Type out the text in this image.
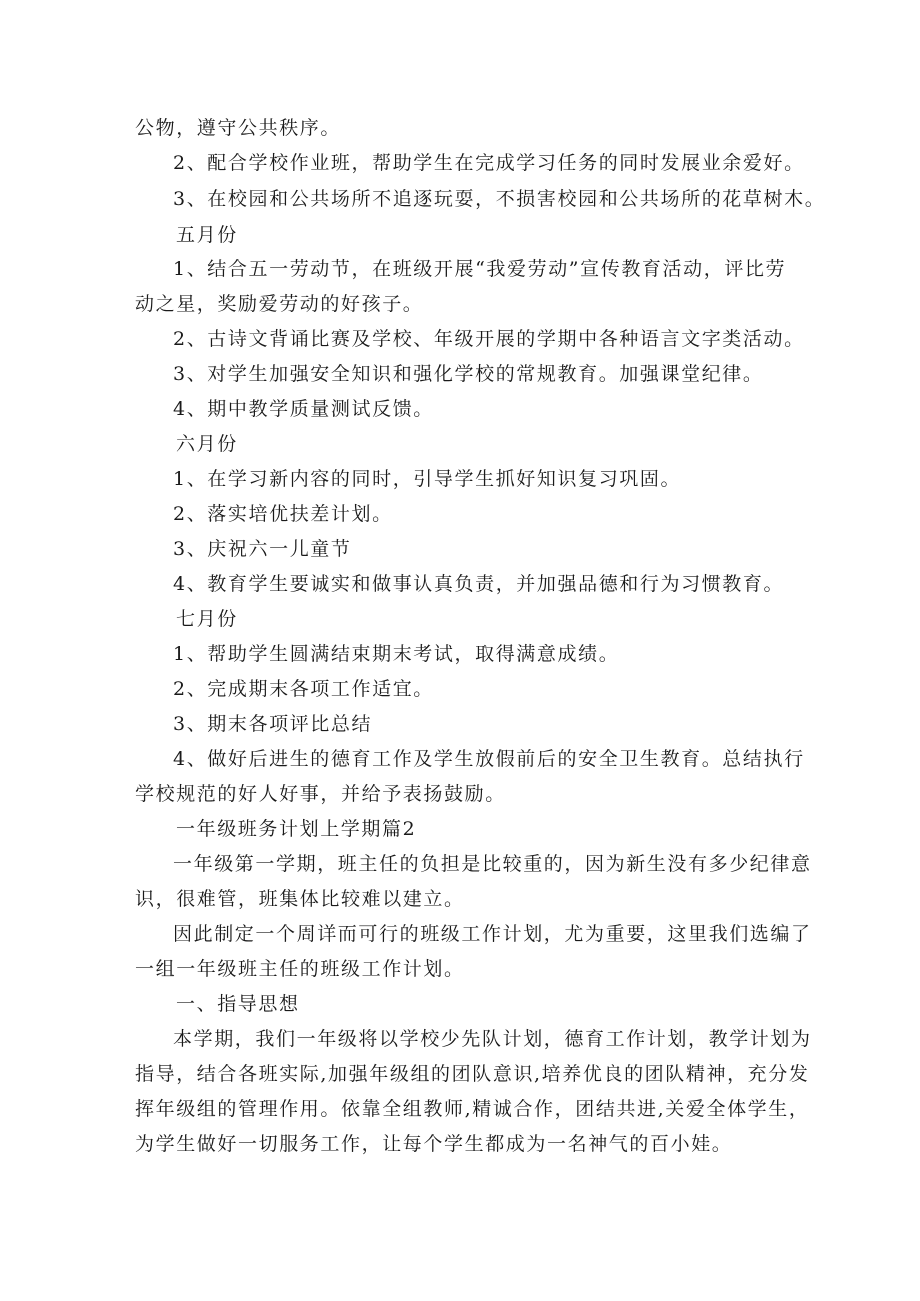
公物，遵守公共秩序。
2、配合学校作业班，帮助学生在完成学习任务的同时发展业余爱好。
3、在校园和公共场所不追逐玩耍，不损害校园和公共场所的花草树木。
五月份
1、结合五一劳动节，在班级开展“我爱劳动”宣传教育活动，评比劳
动之星，奖励爱劳动的好孩子。
2、古诗文背诵比赛及学校、年级开展的学期中各种语言文字类活动。
3、对学生加强安全知识和强化学校的常规教育。加强课堂纪律。
4、期中教学质量测试反馈。
六月份
1、在学习新内容的同时，引导学生抓好知识复习巩固。
2、落实培优扶差计划。
3、庆祝六一儿童节
4、教育学生要诚实和做事认真负责，并加强品德和行为习惯教育。
七月份
1、帮助学生圆满结束期末考试，取得满意成绩。
2、完成期末各项工作适宜。
3、期末各项评比总结
4、做好后进生的德育工作及学生放假前后的安全卫生教育。总结执行
学校规范的好人好事，并给予表扬鼓励。
一年级班务计划上学期篇2
一年级第一学期，班主任的负担是比较重的，因为新生没有多少纪律意
识，很难管，班集体比较难以建立。
因此制定一个周详而可行的班级工作计划，尤为重要，这里我们选编了
一组一年级班主任的班级工作计划。
一、指导思想
本学期，我们一年级将以学校少先队计划，德育工作计划，教学计划为
指导，结合各班实际,加强年级组的团队意识,培养优良的团队精神，充分发
挥年级组的管理作用。依靠全组教师,精诚合作，团结共进,关爱全体学生，
为学生做好一切服务工作，让每个学生都成为一名神气的百小娃。
